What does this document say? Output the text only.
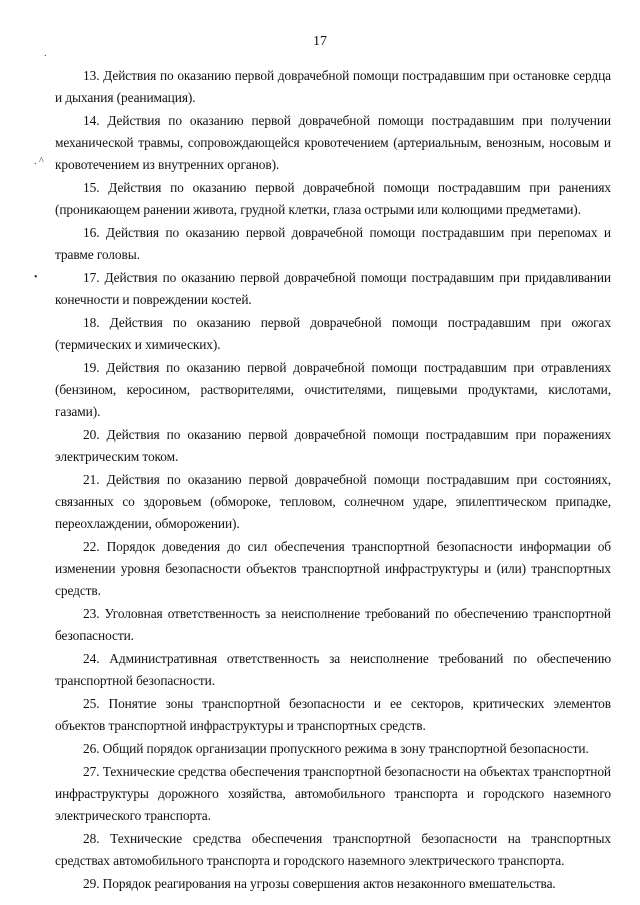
17
.
. ^
•

13. Действия по оказанию первой доврачебной помощи пострадавшим при остановке сердца и дыхания (реанимация).

14. Действия по оказанию первой доврачебной помощи пострадавшим при получении механической травмы, сопровождающейся кровотечением (артериальным, венозным, носовым и кровотечением из внутренних органов).

15. Действия по оказанию первой доврачебной помощи пострадавшим при ранениях (проникающем ранении живота, грудной клетки, глаза острыми или колющими предметами).

16. Действия по оказанию первой доврачебной помощи пострадавшим при перепомах и травме головы.

17. Действия по оказанию первой доврачебной помощи пострадавшим при придавливании конечности и повреждении костей.

18. Действия по оказанию первой доврачебной помощи пострадавшим при ожогах (термических и химических).

19. Действия по оказанию первой доврачебной помощи пострадавшим при отравлениях (бензином, керосином, растворителями, очистителями, пищевыми продуктами, кислотами, газами).

20. Действия по оказанию первой доврачебной помощи пострадавшим при поражениях электрическим током.

21. Действия по оказанию первой доврачебной помощи пострадавшим при состояниях, связанных со здоровьем (обмороке, тепловом, солнечном ударе, эпилептическом припадке, переохлаждении, обморожении).

22. Порядок доведения до сил обеспечения транспортной безопасности информации об изменении уровня безопасности объектов транспортной инфраструктуры и (или) транспортных средств.

23. Уголовная ответственность за неисполнение требований по обеспечению транспортной безопасности.

24. Административная ответственность за неисполнение требований по обеспечению транспортной безопасности.

25. Понятие зоны транспортной безопасности и ее секторов, критических элементов объектов транспортной инфраструктуры и транспортных средств.

26. Общий порядок организации пропускного режима в зону транспортной безопасности.

27. Технические средства обеспечения транспортной безопасности на объектах транспортной инфраструктуры дорожного хозяйства, автомобильного транспорта и городского наземного электрического транспорта.

28. Технические средства обеспечения транспортной безопасности на транспортных средствах автомобильного транспорта и городского наземного электрического транспорта.

29. Порядок реагирования на угрозы совершения актов незаконного вмешательства.
